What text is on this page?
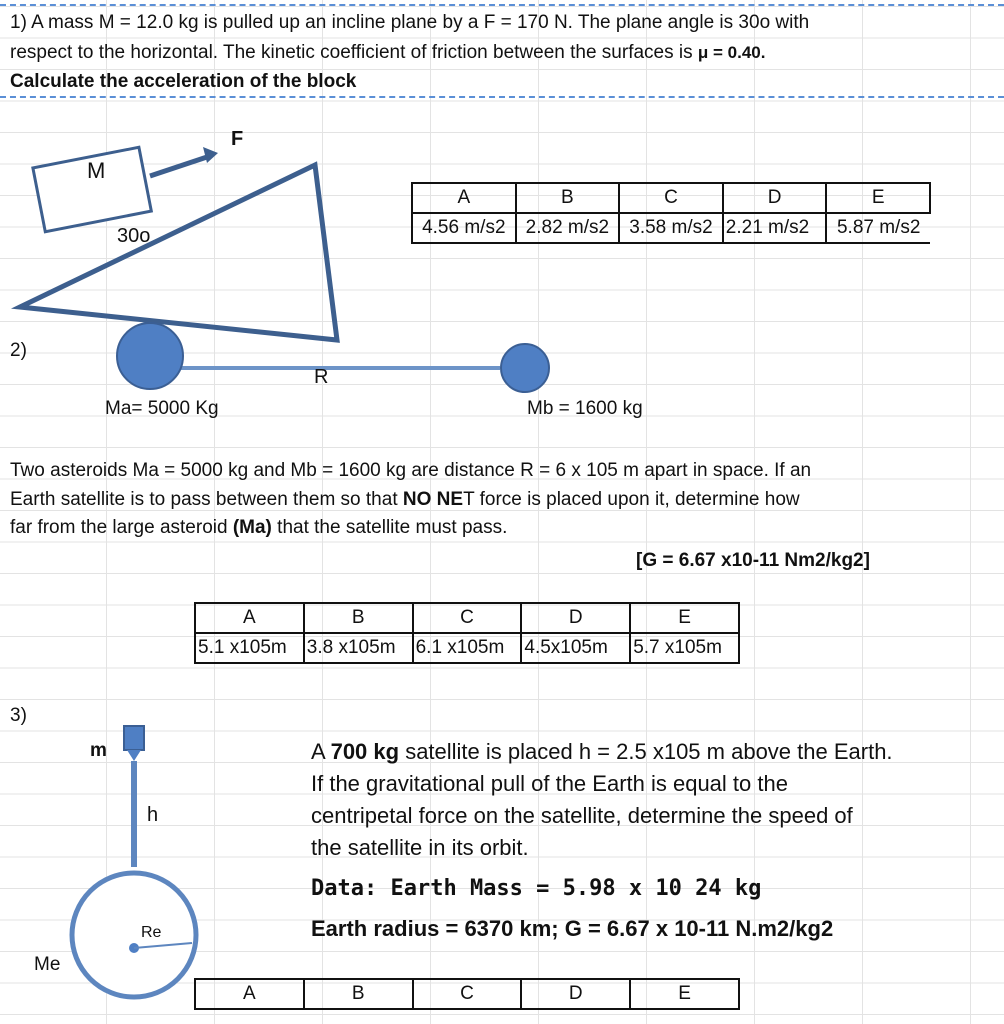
1) A mass M = 12.0 kg is pulled up an incline plane by a F = 170 N. The plane angle is 30o with
respect to the horizontal. The kinetic coefficient of friction between the surfaces is μ = 0.40.
Calculate the acceleration of the block
M
F
30o
A	B	C	D	E
4.56 m/s2	2.82 m/s2	3.58 m/s2	2.21 m/s2	5.87 m/s2
2)
R
Ma= 5000 Kg	Mb = 1600 kg
Two asteroids Ma = 5000 kg and Mb = 1600 kg are distance R = 6 x 105 m apart in space. If an
Earth satellite is to pass between them so that NO NET force is placed upon it, determine how
far from the large asteroid (Ma) that the satellite must pass.
[G = 6.67 x10-11 Nm2/kg2]
A	B	C	D	E
5.1 x105m	3.8 x105m	6.1 x105m	4.5x105m	5.7 x105m
3)
m
h
Re
Me
A 700 kg satellite is placed h = 2.5 x105 m above the Earth.
If the gravitational pull of the Earth is equal to the
centripetal force on the satellite, determine the speed of
the satellite in its orbit.
Data: Earth Mass = 5.98 x 10 24 kg
Earth radius = 6370 km; G = 6.67 x 10-11 N.m2/kg2
A	B	C	D	E
